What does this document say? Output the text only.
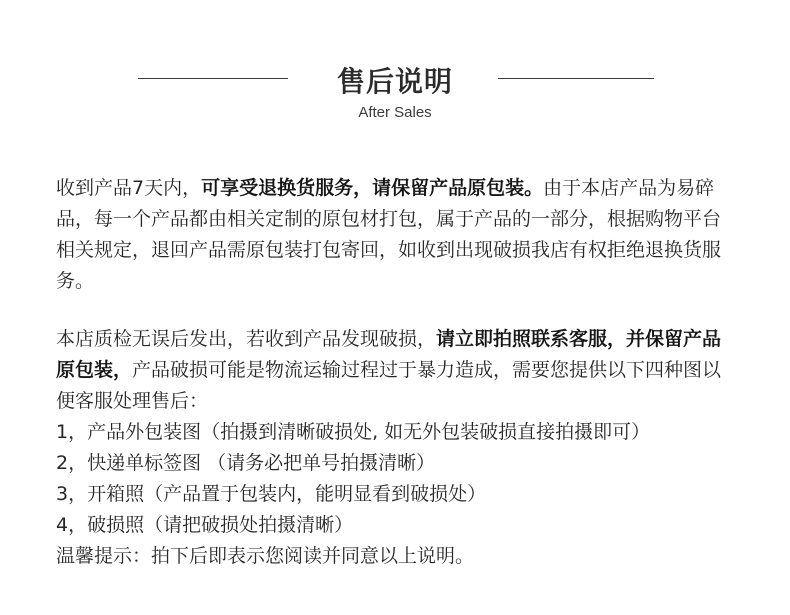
售后说明
After Sales

收到产品7天内，可享受退换货服务，请保留产品原包装。由于本店产品为易碎品，每一个产品都由相关定制的原包材打包，属于产品的一部分，根据购物平台相关规定，退回产品需原包装打包寄回，如收到出现破损我店有权拒绝退换货服务。

本店质检无误后发出，若收到产品发现破损，请立即拍照联系客服，并保留产品原包装，产品破损可能是物流运输过程过于暴力造成，需要您提供以下四种图以便客服处理售后：

1，产品外包装图（拍摄到清晰破损处, 如无外包装破损直接拍摄即可）

2，快递单标签图 （请务必把单号拍摄清晰）

3，开箱照（产品置于包装内，能明显看到破损处）

4，破损照（请把破损处拍摄清晰）

温馨提示：拍下后即表示您阅读并同意以上说明。
